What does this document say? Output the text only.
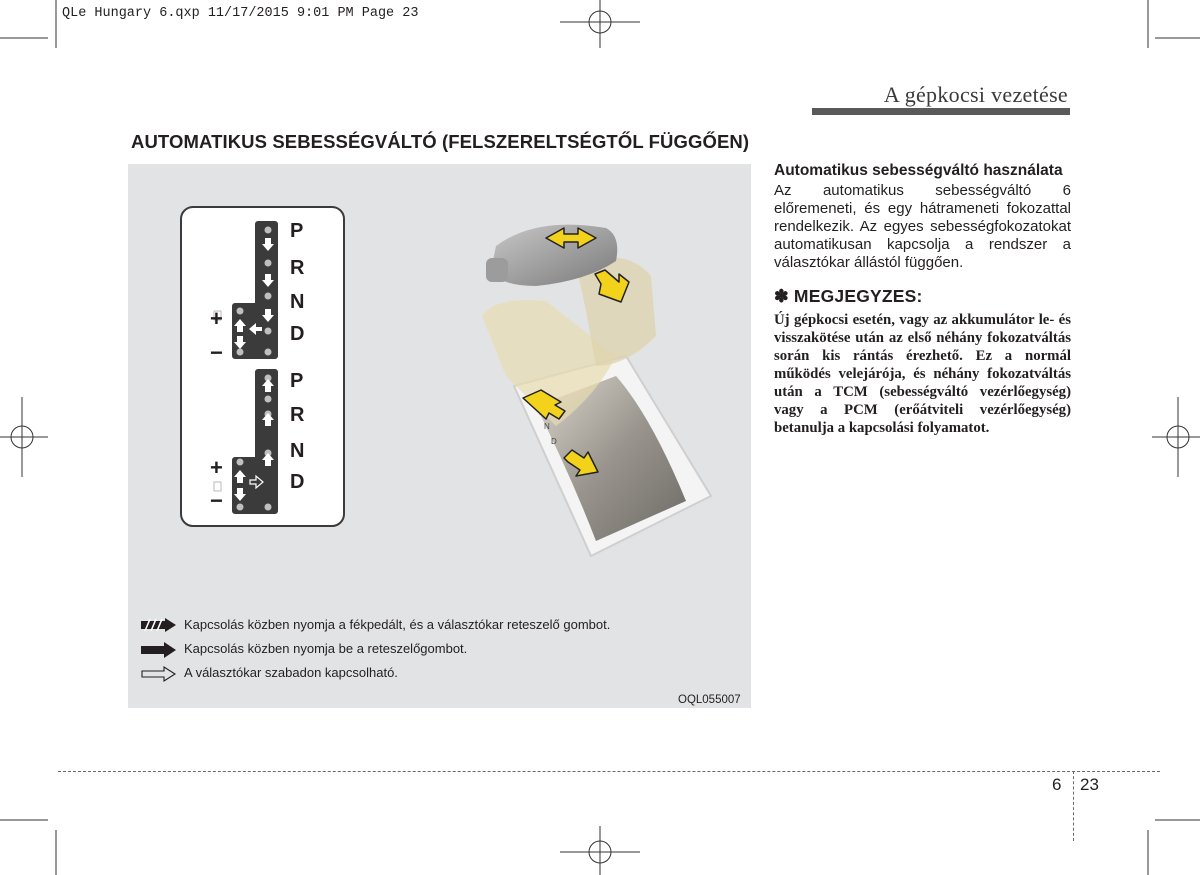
QLe Hungary 6.qxp 11/17/2015 9:01 PM Page 23
A gépkocsi vezetése
AUTOMATIKUS SEBESSÉGVÁLTÓ (FELSZERELTSÉGTŐL FÜGGŐEN)
P
R
N
D
+
−
P
R
N
D
+
−
N
D
Kapcsolás közben nyomja a fékpedált, és a választókar reteszelő gombot.
Kapcsolás közben nyomja be a reteszelőgombot.
A választókar szabadon kapcsolható.
OQL055007
Automatikus sebességváltó használata
Az automatikus sebességváltó 6 előremeneti, és egy hátrameneti fokozattal rendelkezik. Az egyes sebességfokozatokat automatikusan kapcsolja a rendszer a választókar állástól függően.
✽ MEGJEGYZES:
Új gépkocsi esetén, vagy az akkumulátor le- és visszakötése után az első néhány fokozatváltás során kis rántás érezhető. Ez a normál működés velejárója, és néhány fokozatváltás után a TCM (sebességváltó vezérlőegység) vagy a PCM (erőátviteli vezérlőegység) betanulja a kapcsolási folyamatot.
6 23
